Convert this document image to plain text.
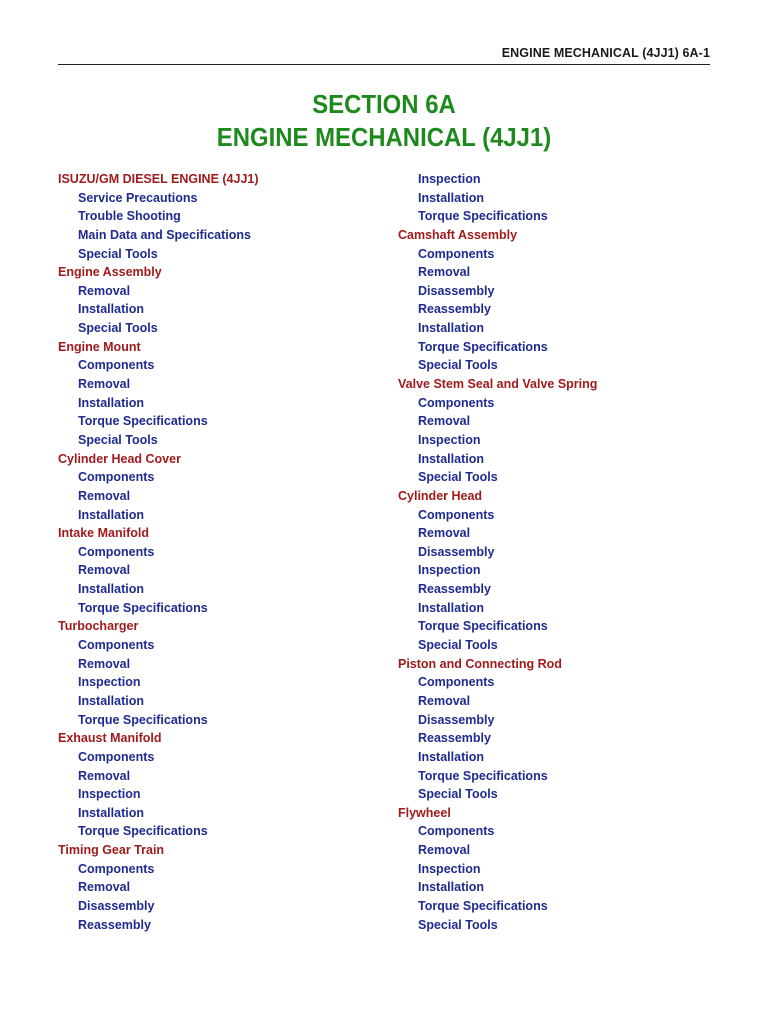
ENGINE MECHANICAL (4JJ1) 6A-1
SECTION 6A
ENGINE MECHANICAL (4JJ1)
ISUZU/GM DIESEL ENGINE (4JJ1)
Service Precautions
Trouble Shooting
Main Data and Specifications
Special Tools
Engine Assembly
Removal
Installation
Special Tools
Engine Mount
Components
Removal
Installation
Torque Specifications
Special Tools
Cylinder Head Cover
Components
Removal
Installation
Intake Manifold
Components
Removal
Installation
Torque Specifications
Turbocharger
Components
Removal
Inspection
Installation
Torque Specifications
Exhaust Manifold
Components
Removal
Inspection
Installation
Torque Specifications
Timing Gear Train
Components
Removal
Disassembly
Reassembly
Inspection
Installation
Torque Specifications
Camshaft Assembly
Components
Removal
Disassembly
Reassembly
Installation
Torque Specifications
Special Tools
Valve Stem Seal and Valve Spring
Components
Removal
Inspection
Installation
Special Tools
Cylinder Head
Components
Removal
Disassembly
Inspection
Reassembly
Installation
Torque Specifications
Special Tools
Piston and Connecting Rod
Components
Removal
Disassembly
Reassembly
Installation
Torque Specifications
Special Tools
Flywheel
Components
Removal
Inspection
Installation
Torque Specifications
Special Tools
